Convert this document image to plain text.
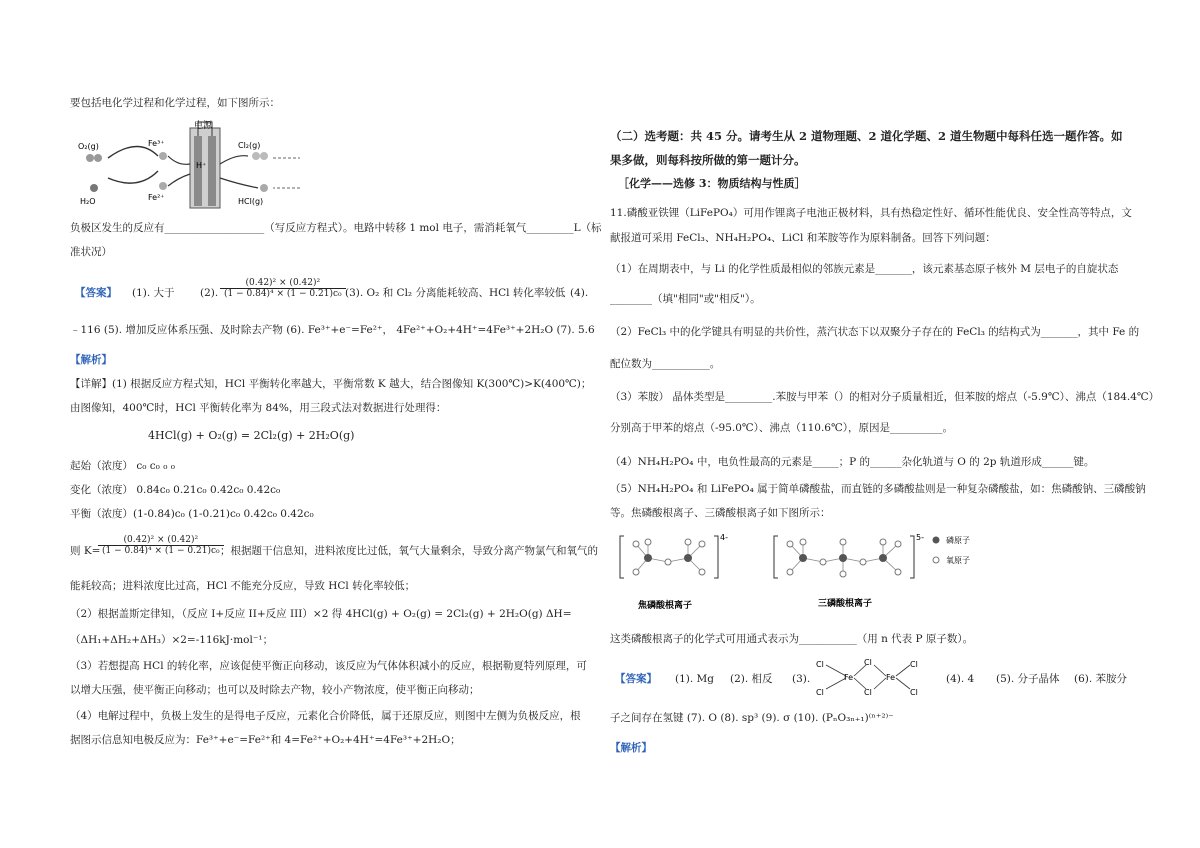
要包括电化学过程和化学过程，如下图所示：
电源
O₂(g)	Fe³⁺
H⁺
Cl₂(g)
H₂O	Fe²⁺	HCl(g)
负极区发生的反应有___________________（写反应方程式）。电路中转移 1 mol 电子，需消耗氧气_________L（标
准状况）
【答案】 (1). 大于 (2). $\frac{\text{(0.42)² × (0.42)²}}{\text{(1 − 0.84)⁴ × (1 − 0.21)c₀}} (3)$. O₂ 和 Cl₂ 分离能耗较高、HCl 转化率较低 (4).
﹣116 (5). 增加反应体系压强、及时除去产物 (6). Fe³⁺+e⁻=Fe²⁺， 4Fe²⁺+O₂+4H⁺=4Fe³⁺+2H₂O (7). 5.6
【解析】
【详解】(1) 根据反应方程式知，HCl 平衡转化率越大，平衡常数 K 越大，结合图像知 K(300℃)>K(400℃)；
由图像知，400℃时，HCl 平衡转化率为 84%，用三段式法对数据进行处理得：
4HCl(g) + O₂(g) = 2Cl₂(g) + 2H₂O(g)
起始（浓度） c₀ c₀ ₀ ₀
变化（浓度） 0.84c₀ 0.21c₀ 0.42c₀ 0.42c₀
平衡（浓度）(1-0.84)c₀ (1-0.21)c₀ 0.42c₀ 0.42c₀
则 K=
$\frac{\text{(0.42)² × (0.42)²}}{\text{(1 − 0.84)⁴ × (1 − 0.21)c₀}}$
；根据题干信息知，进料浓度比过低，氧气大量剩余，导致分离产物氯气和氧气的
能耗较高；进料浓度比过高，HCl 不能充分反应，导致 HCl 转化率较低；
（2）根据盖斯定律知，（反应 I+反应 II+反应 III）×2 得 4HCl(g) + O₂(g) = 2Cl₂(g) + 2H₂O(g) ΔH=
（ΔH₁+ΔH₂+ΔH₃）×2=-116kJ·mol⁻¹；
（3）若想提高 HCl 的转化率，应该促使平衡正向移动，该反应为气体体积减小的反应，根据勒夏特列原理，可
以增大压强，使平衡正向移动；也可以及时除去产物，较小产物浓度，使平衡正向移动；
（4）电解过程中，负极上发生的是得电子反应，元素化合价降低，属于还原反应，则图中左侧为负极反应，根
据图示信息知电极反应为：Fe³⁺+e⁻=Fe²⁺和 4=Fe²⁺+O₂+4H⁺=4Fe³⁺+2H₂O；
（二）选考题：共 45 分。请考生从 2 道物理题、2 道化学题、2 道生物题中每科任选一题作答。如
果多做，则每科按所做的第一题计分。
［化学——选修 3：物质结构与性质］
11.磷酸亚铁锂（LiFePO₄）可用作锂离子电池正极材料，具有热稳定性好、循环性能优良、安全性高等特点，文
献报道可采用 FeCl₃、NH₄H₂PO₄、LiCl 和苯胺等作为原料制备。回答下列问题：
（1）在周期表中，与 Li 的化学性质最相似的邻族元素是_______，该元素基态原子核外 M 层电子的自旋状态
________（填"相同"或"相反"）。
（2）FeCl₃ 中的化学键具有明显的共价性，蒸汽状态下以双聚分子存在的 FeCl₃ 的结构式为_______，其中 Fe 的
配位数为___________。
（3）苯胺） 晶体类型是_________.苯胺与甲苯（）的相对分子质量相近，但苯胺的熔点（-5.9℃）、沸点（184.4℃）
分别高于甲苯的熔点（-95.0℃）、沸点（110.6℃），原因是__________。
（4）NH₄H₂PO₄ 中，电负性最高的元素是_____；P 的______杂化轨道与 O 的 2p 轨道形成______键。
（5）NH₄H₂PO₄ 和 LiFePO₄ 属于简单磷酸盐，而直链的多磷酸盐则是一种复杂磷酸盐，如：焦磷酸钠、三磷酸钠
等。焦磷酸根离子、三磷酸根离子如下图所示：
4-	5-	磷原子
氧原子
焦磷酸根离子	三磷酸根离子
这类磷酸根离子的化学式可用通式表示为___________（用 n 代表 P 原子数）。
【答案】 (1). Mg (2). 相反 (3).
Cl
Cl
Fe
Cl
Cl
Fe
Cl
Cl
(4). 4 (5). 分子晶体 (6). 苯胺分
子之间存在氢键 (7). O (8). sp³ (9). σ (10). (PₙO₃ₙ₊₁)⁽ⁿ⁺²⁾⁻
【解析】
